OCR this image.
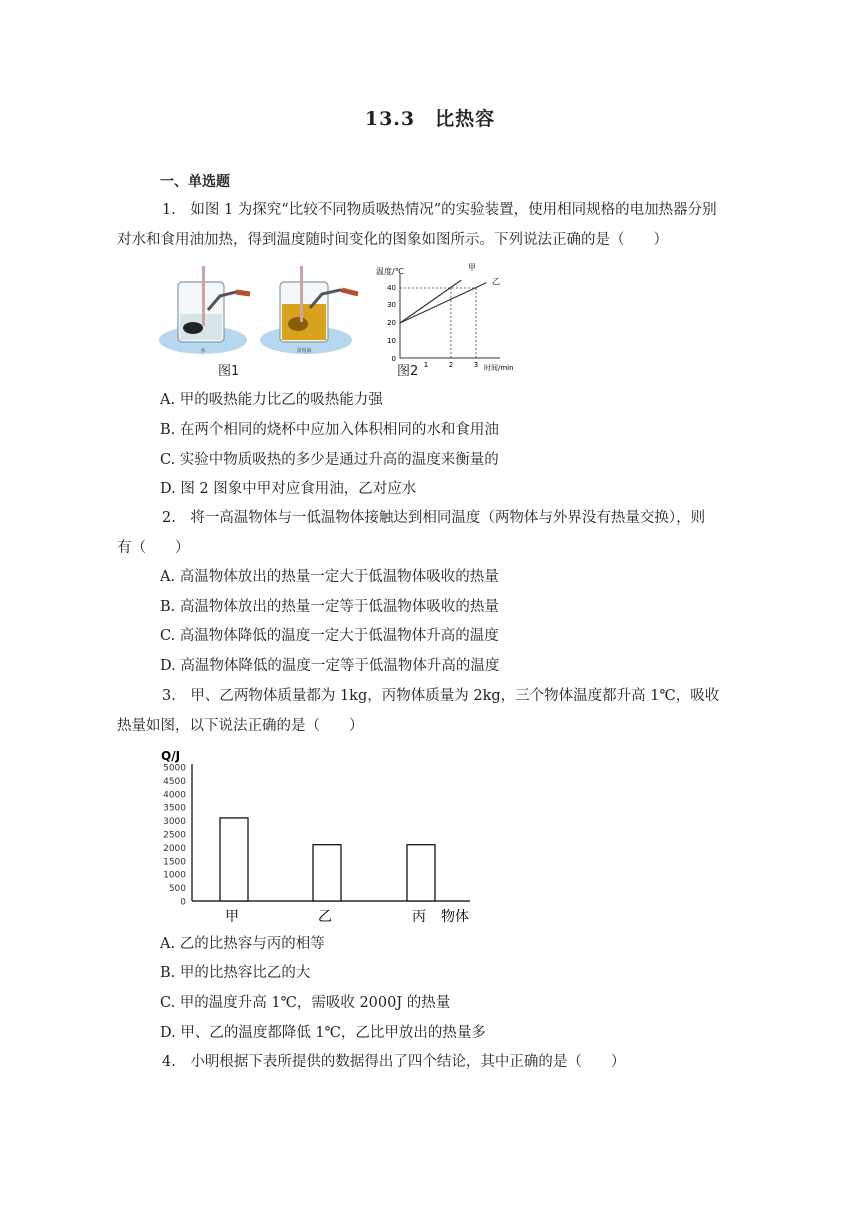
13.3　比热容
一、单选题
1.　如图 1 为探究“比较不同物质吸热情况”的实验装置，使用相同规格的电加热器分别
对水和食用油加热，得到温度随时间变化的图象如图所示。下列说法正确的是（　　）
水	食用油
图1
温度/℃
时间/min
0
10
20
30
40
1	2	3
甲
乙
图2
A. 甲的吸热能力比乙的吸热能力强
B. 在两个相同的烧杯中应加入体积相同的水和食用油
C. 实验中物质吸热的多少是通过升高的温度来衡量的
D. 图 2 图象中甲对应食用油，乙对应水
2.　将一高温物体与一低温物体接触达到相同温度（两物体与外界没有热量交换），则
有（　　）
A. 高温物体放出的热量一定大于低温物体吸收的热量
B. 高温物体放出的热量一定等于低温物体吸收的热量
C. 高温物体降低的温度一定大于低温物体升高的温度
D. 高温物体降低的温度一定等于低温物体升高的温度
3.　甲、乙两物体质量都为 1kg，丙物体质量为 2kg，三个物体温度都升高 1℃，吸收
热量如图，以下说法正确的是（　　）
Q/J
0
500
1000
1500
2000
2500
3000
3500
4000
4500
5000
甲	乙	丙 物体
A. 乙的比热容与丙的相等
B. 甲的比热容比乙的大
C. 甲的温度升高 1℃，需吸收 2000J 的热量
D. 甲、乙的温度都降低 1℃，乙比甲放出的热量多
4.　小明根据下表所提供的数据得出了四个结论，其中正确的是（　　）
